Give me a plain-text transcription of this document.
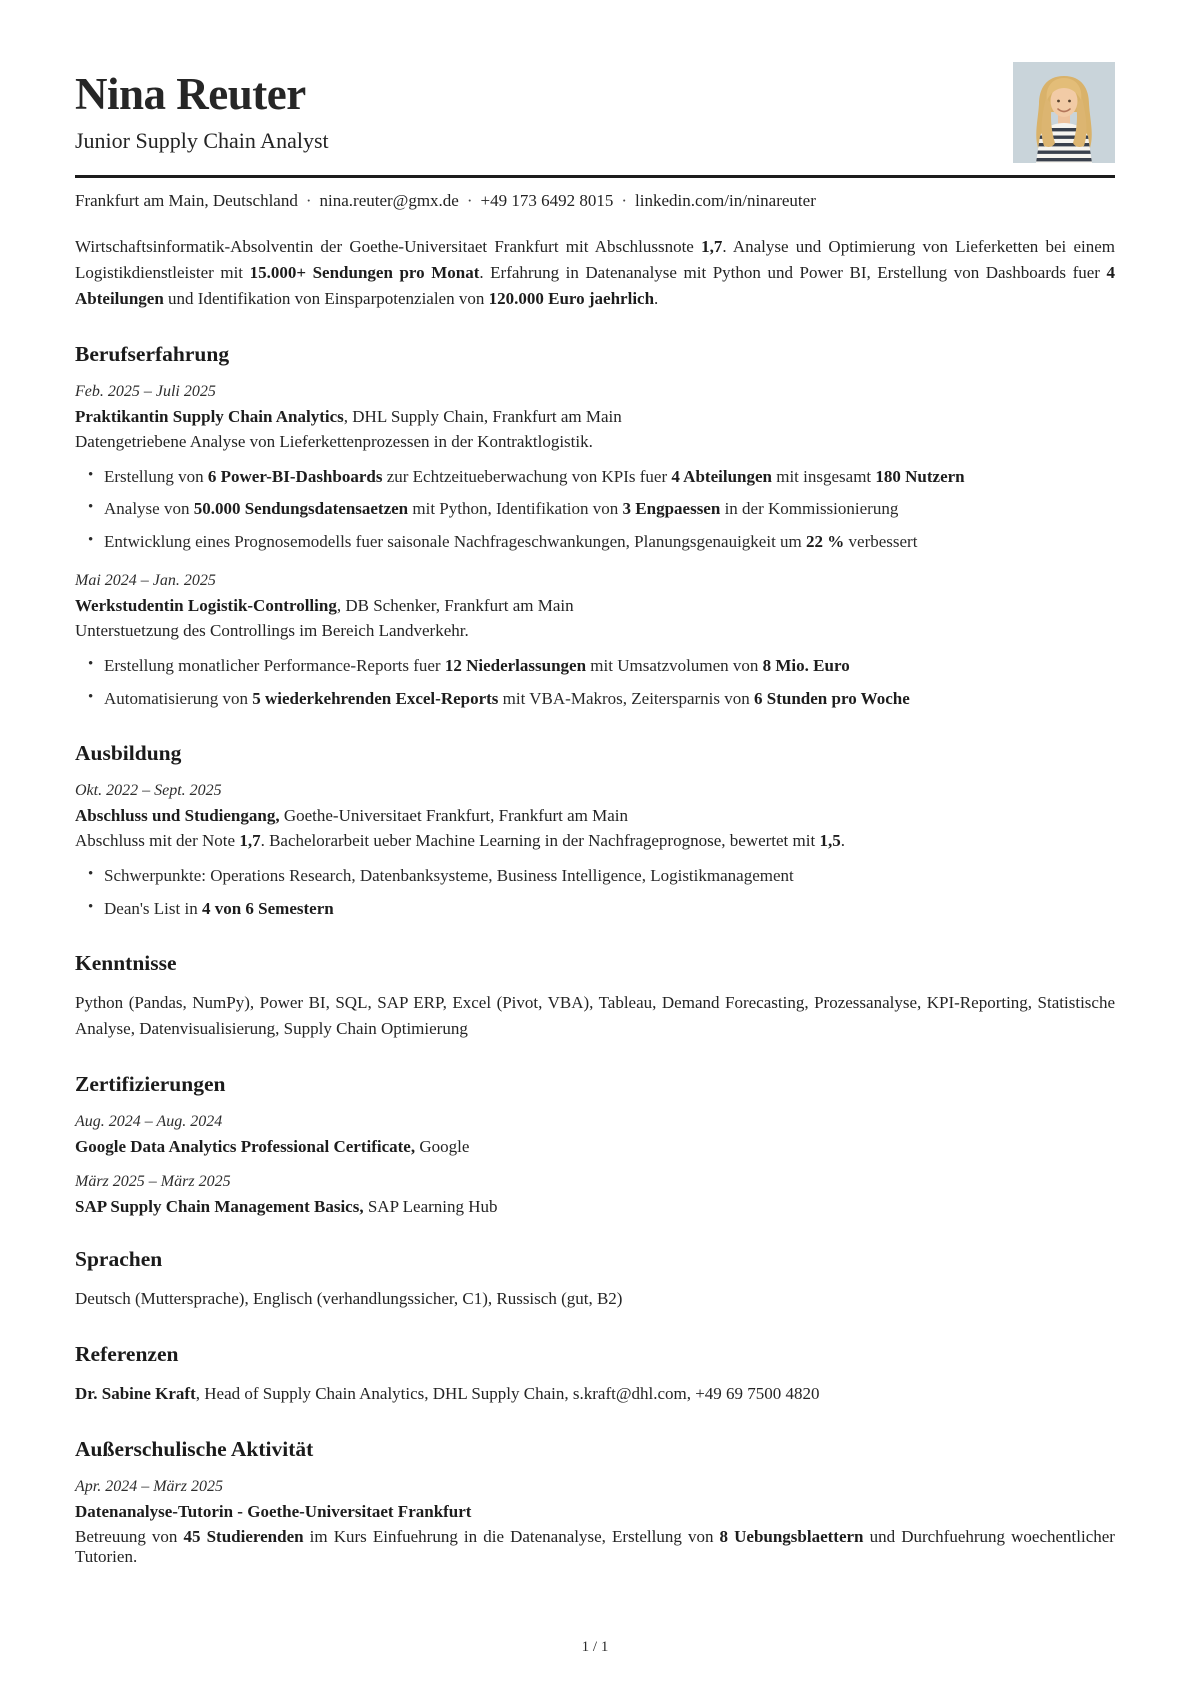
Nina Reuter
Junior Supply Chain Analyst
Frankfurt am Main, Deutschland · nina.reuter@gmx.de · +49 173 6492 8015 · linkedin.com/in/ninareuter

Wirtschaftsinformatik-Absolventin der Goethe-Universitaet Frankfurt mit Abschlussnote 1,7. Analyse und Optimierung von Lieferketten bei einem Logistikdienstleister mit 15.000+ Sendungen pro Monat. Erfahrung in Datenanalyse mit Python und Power BI, Erstellung von Dashboards fuer 4 Abteilungen und Identifikation von Einsparpotenzialen von 120.000 Euro jaehrlich.

Berufserfahrung
Feb. 2025 – Juli 2025
Praktikantin Supply Chain Analytics, DHL Supply Chain, Frankfurt am Main
Datengetriebene Analyse von Lieferkettenprozessen in der Kontraktlogistik.
• Erstellung von 6 Power-BI-Dashboards zur Echtzeitueberwachung von KPIs fuer 4 Abteilungen mit insgesamt 180 Nutzern
• Analyse von 50.000 Sendungsdatensaetzen mit Python, Identifikation von 3 Engpaessen in der Kommissionierung
• Entwicklung eines Prognosemodells fuer saisonale Nachfrageschwankungen, Planungsgenauigkeit um 22 % verbessert
Mai 2024 – Jan. 2025
Werkstudentin Logistik-Controlling, DB Schenker, Frankfurt am Main
Unterstuetzung des Controllings im Bereich Landverkehr.
• Erstellung monatlicher Performance-Reports fuer 12 Niederlassungen mit Umsatzvolumen von 8 Mio. Euro
• Automatisierung von 5 wiederkehrenden Excel-Reports mit VBA-Makros, Zeitersparnis von 6 Stunden pro Woche
Ausbildung
Okt. 2022 – Sept. 2025
Abschluss und Studiengang, Goethe-Universitaet Frankfurt, Frankfurt am Main
Abschluss mit der Note 1,7. Bachelorarbeit ueber Machine Learning in der Nachfrageprognose, bewertet mit 1,5.
• Schwerpunkte: Operations Research, Datenbanksysteme, Business Intelligence, Logistikmanagement
• Dean's List in 4 von 6 Semestern
Kenntnisse

Python (Pandas, NumPy), Power BI, SQL, SAP ERP, Excel (Pivot, VBA), Tableau, Demand Forecasting, Prozessanalyse, KPI-Reporting, Statistische Analyse, Datenvisualisierung, Supply Chain Optimierung

Zertifizierungen
Aug. 2024 – Aug. 2024
Google Data Analytics Professional Certificate, Google
März 2025 – März 2025
SAP Supply Chain Management Basics, SAP Learning Hub
Sprachen

Deutsch (Muttersprache), Englisch (verhandlungssicher, C1), Russisch (gut, B2)

Referenzen

Dr. Sabine Kraft, Head of Supply Chain Analytics, DHL Supply Chain, s.kraft@dhl.com, +49 69 7500 4820

Außerschulische Aktivität
Apr. 2024 – März 2025
Datenanalyse-Tutorin - Goethe-Universitaet Frankfurt
Betreuung von 45 Studierenden im Kurs Einfuehrung in die Datenanalyse, Erstellung von 8 Uebungsblaettern und Durchfuehrung woechentlicher Tutorien.
1 / 1
